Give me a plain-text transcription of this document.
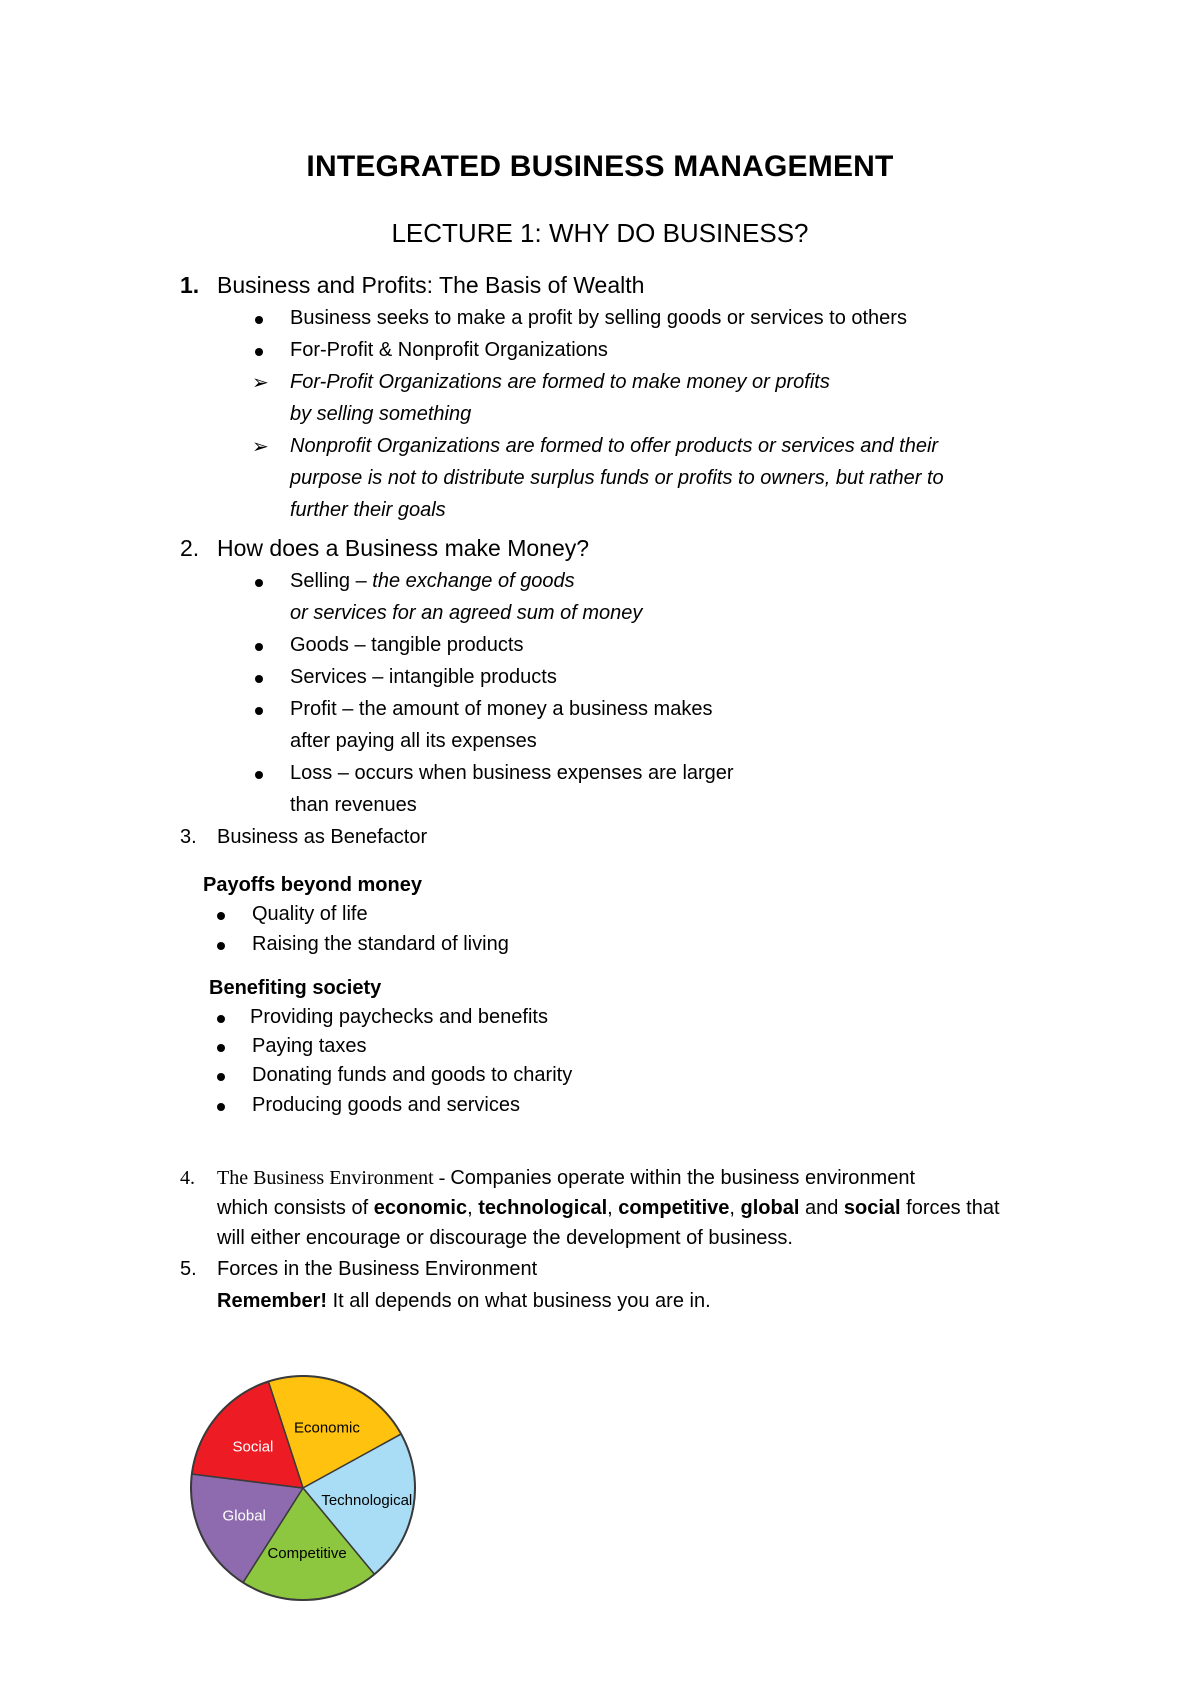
INTEGRATED BUSINESS MANAGEMENT
LECTURE 1: WHY DO BUSINESS?
1. Business and Profits: The Basis of Wealth
Business seeks to make a profit by selling goods or services to others
For-Profit & Nonprofit Organizations
➢ For-Profit Organizations are formed to make money or profits
by selling something
➢ Nonprofit Organizations are formed to offer products or services and their
purpose is not to distribute surplus funds or profits to owners, but rather to
further their goals
2. How does a Business make Money?
Selling – the exchange of goods
or services for an agreed sum of money
Goods – tangible products
Services – intangible products
Profit – the amount of money a business makes
after paying all its expenses
Loss – occurs when business expenses are larger
than revenues
3. Business as Benefactor
Payoffs beyond money
Quality of life
Raising the standard of living
Benefiting society
Providing paychecks and benefits
Paying taxes
Donating funds and goods to charity
Producing goods and services
4. The Business Environment - Companies operate within the business environment
which consists of economic, technological, competitive, global and social forces that
will either encourage or discourage the development of business.
5. Forces in the Business Environment
Remember! It all depends on what business you are in.
Economic
Technological
Competitive
Global
Social
